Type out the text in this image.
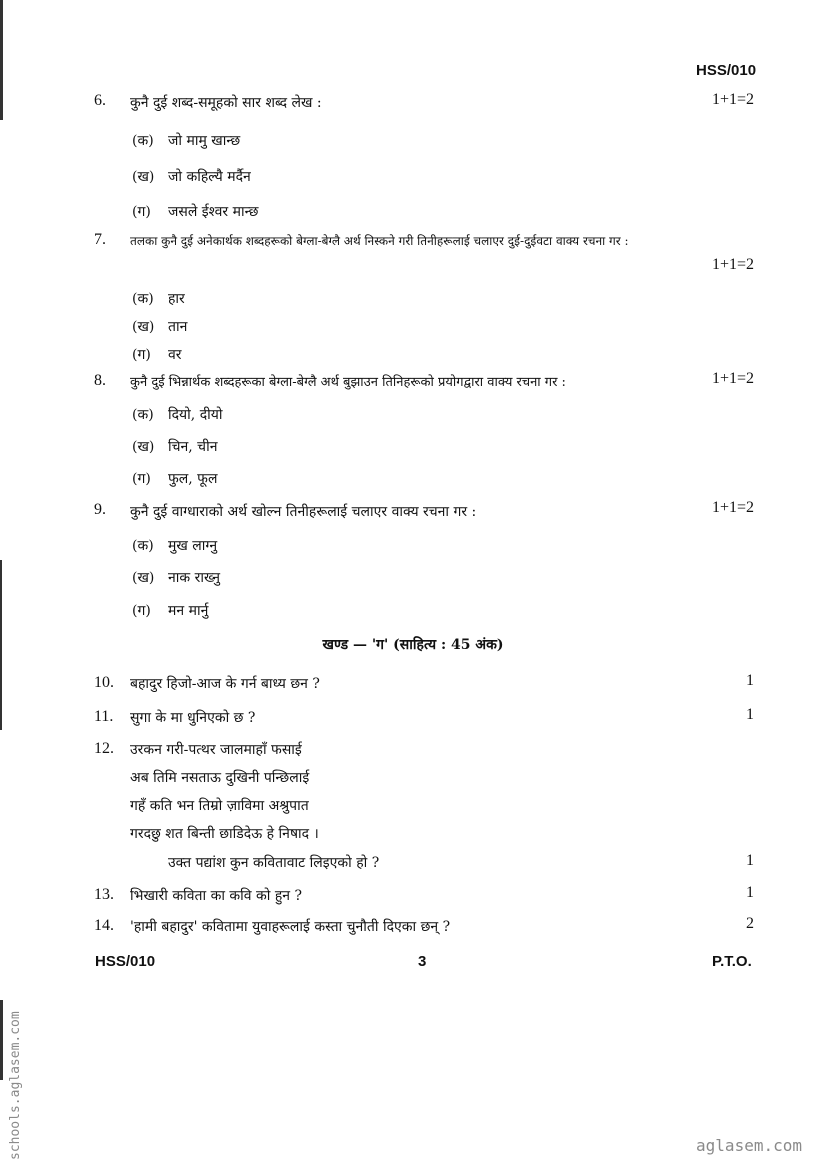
HSS/010
6. कुनै दुई शब्द-समूहको सार शब्द लेख :	1+1=2
(क) जो मामु खान्छ
(ख) जो कहिल्यै मर्दैन
(ग) जसले ईश्वर मान्छ
7. तलका कुनै दुई अनेकार्थक शब्दहरूको बेग्ला-बेग्लै अर्थ निस्कने गरी तिनीहरूलाई चलाएर दुई-दुईवटा वाक्य रचना गर :
1+1=2
(क) हार
(ख) तान
(ग) वर
8. कुनै दुई भिन्नार्थक शब्दहरूका बेग्ला-बेग्लै अर्थ बुझाउन तिनिहरूको प्रयोगद्वारा वाक्य रचना गर :	1+1=2
(क) दियो, दीयो
(ख) चिन, चीन
(ग) फुल, फूल
9. कुनै दुई वाग्धाराको अर्थ खोल्न तिनीहरूलाई चलाएर वाक्य रचना गर :	1+1=2
(क) मुख लाग्नु
(ख) नाक राख्नु
(ग) मन मार्नु
खण्ड — 'ग' (साहित्य : 45 अंक)
10. बहादुर हिजो-आज के गर्न बाध्य छन ?	1
11. सुगा के मा धुनिएको छ ?	1
12. उरकन गरी-पत्थर जालमाहाँ फसाई
अब तिमि नसताऊ दुखिनी पन्छिलाई
गहँ कति भन तिम्रो ज़ाविमा अश्रुपात
गरदछु शत बिन्ती छाडिदेऊ हे निषाद ।
उक्त पद्यांश कुन कवितावाट लिइएको हो ?	1
13. भिखारी कविता का कवि को हुन ?	1
14. 'हामी बहादुर' कवितामा युवाहरूलाई कस्ता चुनौती दिएका छन् ?	2
HSS/010	3	P.T.O.
schools.aglasem.com	aglasem.com
